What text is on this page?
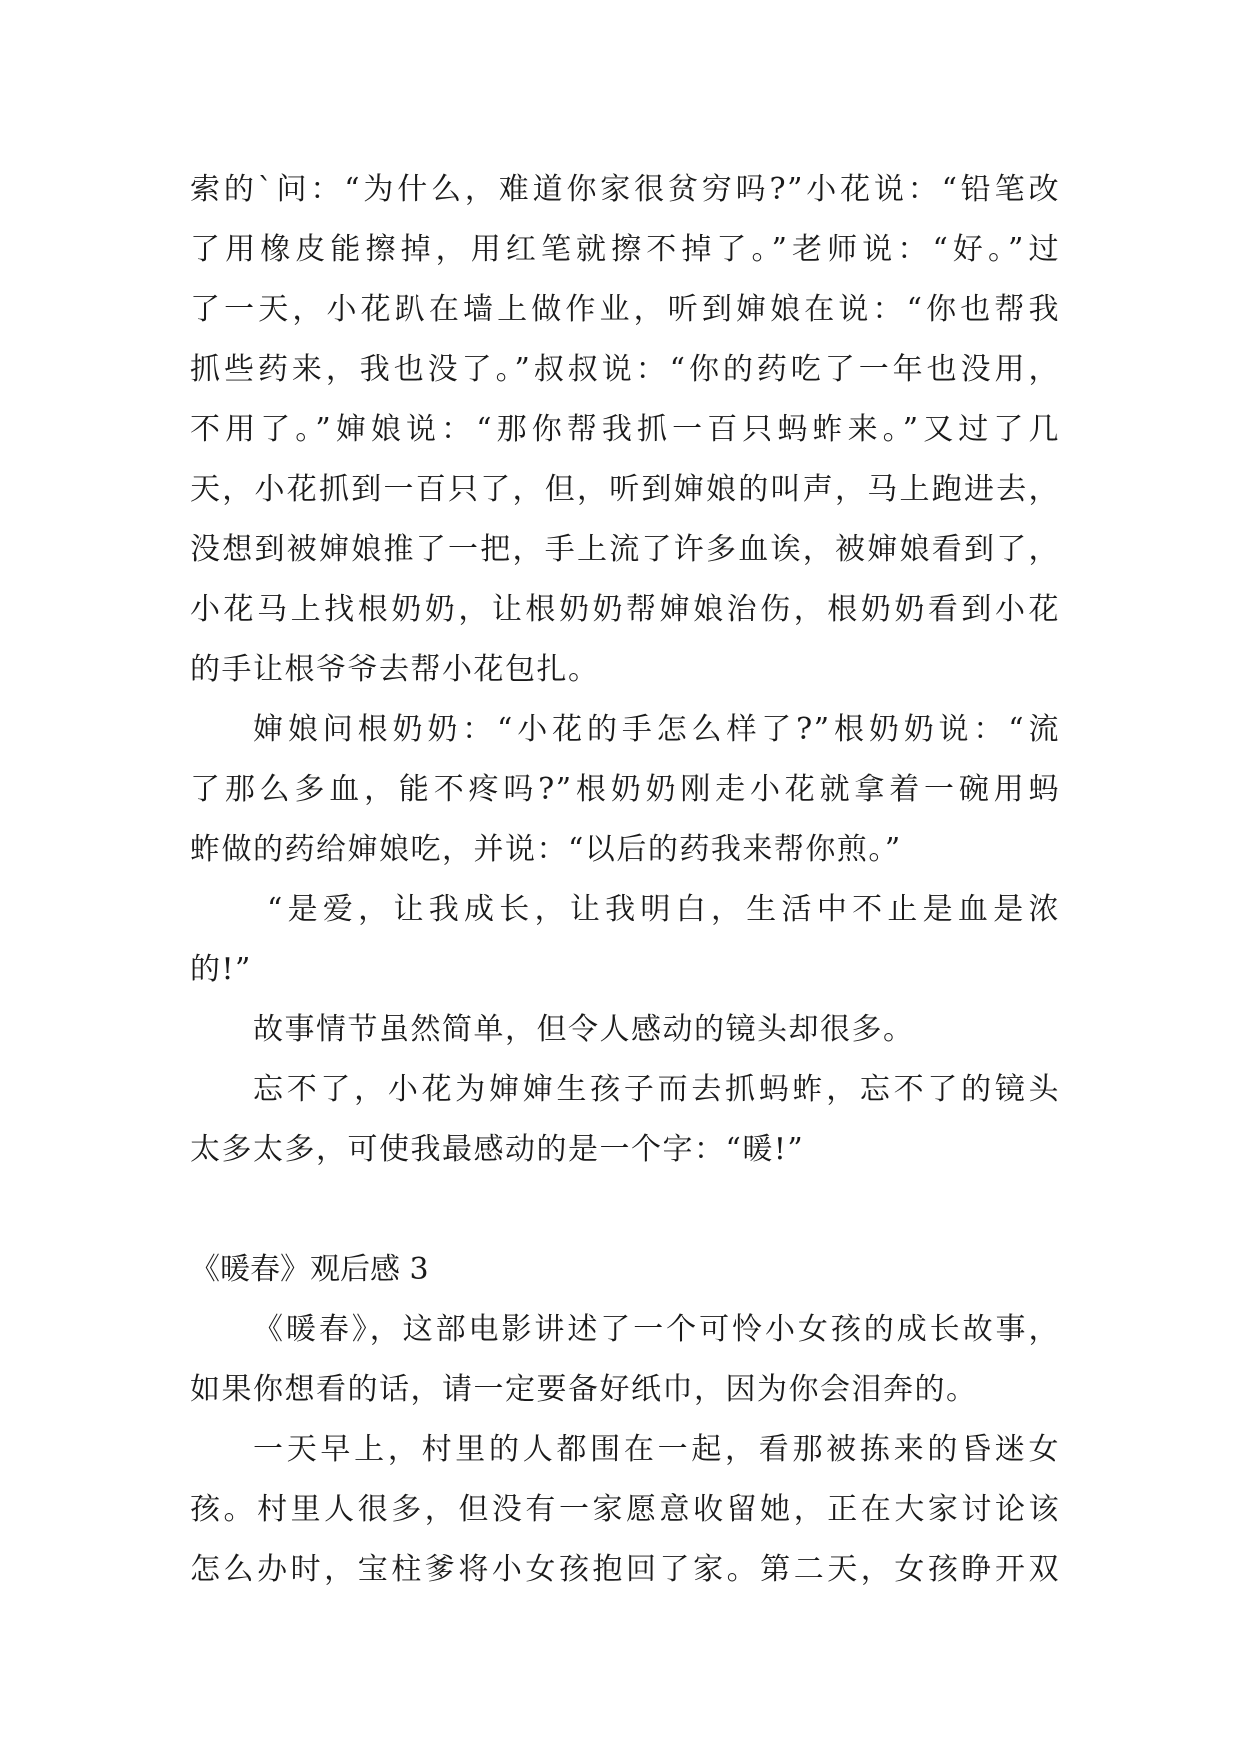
索的`问：“为什么，难道你家很贫穷吗?”小花说：“铅笔改
了用橡皮能擦掉，用红笔就擦不掉了。”老师说：“好。”过
了一天，小花趴在墙上做作业，听到婶娘在说：“你也帮我
抓些药来，我也没了。”叔叔说：“你的药吃了一年也没用，
不用了。”婶娘说：“那你帮我抓一百只蚂蚱来。”又过了几
天，小花抓到一百只了，但，听到婶娘的叫声，马上跑进去，
没想到被婶娘推了一把，手上流了许多血诶，被婶娘看到了，
小花马上找根奶奶，让根奶奶帮婶娘治伤，根奶奶看到小花
的手让根爷爷去帮小花包扎。
婶娘问根奶奶：“小花的手怎么样了?”根奶奶说：“流
了那么多血，能不疼吗?”根奶奶刚走小花就拿着一碗用蚂
蚱做的药给婶娘吃，并说：“以后的药我来帮你煎。”
“是爱，让我成长，让我明白，生活中不止是血是浓
的!”
故事情节虽然简单，但令人感动的镜头却很多。
忘不了，小花为婶婶生孩子而去抓蚂蚱，忘不了的镜头
太多太多，可使我最感动的是一个字：“暖!”
《暖春》观后感 3
《暖春》，这部电影讲述了一个可怜小女孩的成长故事，
如果你想看的话，请一定要备好纸巾，因为你会泪奔的。
一天早上，村里的人都围在一起，看那被拣来的昏迷女
孩。村里人很多，但没有一家愿意收留她，正在大家讨论该
怎么办时，宝柱爹将小女孩抱回了家。第二天，女孩睁开双
